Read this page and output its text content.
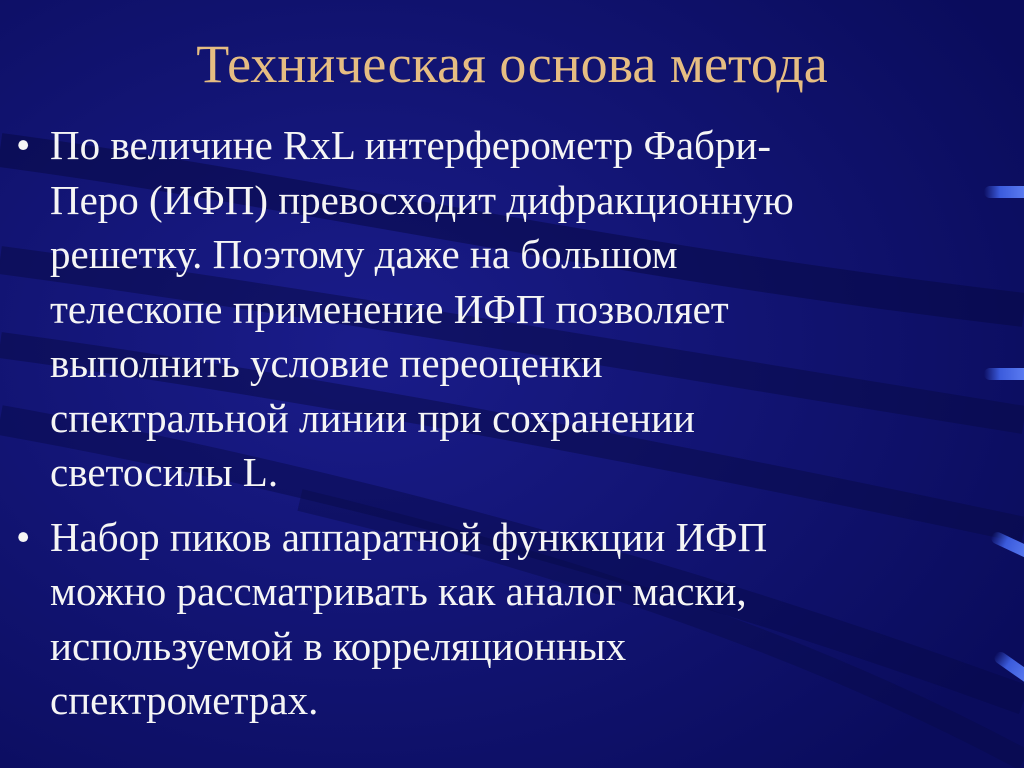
Техническая основа метода
• По величине RxL интерферометр Фабри-
Перо (ИФП) превосходит дифракционную
решетку. Поэтому даже на большом
телескопе применение ИФП позволяет
выполнить условие переоценки
спектральной линии при сохранении
светосилы L.
• Набор пиков аппаратной функкции ИФП
можно рассматривать как аналог маски,
используемой в корреляционных
спектрометрах.
